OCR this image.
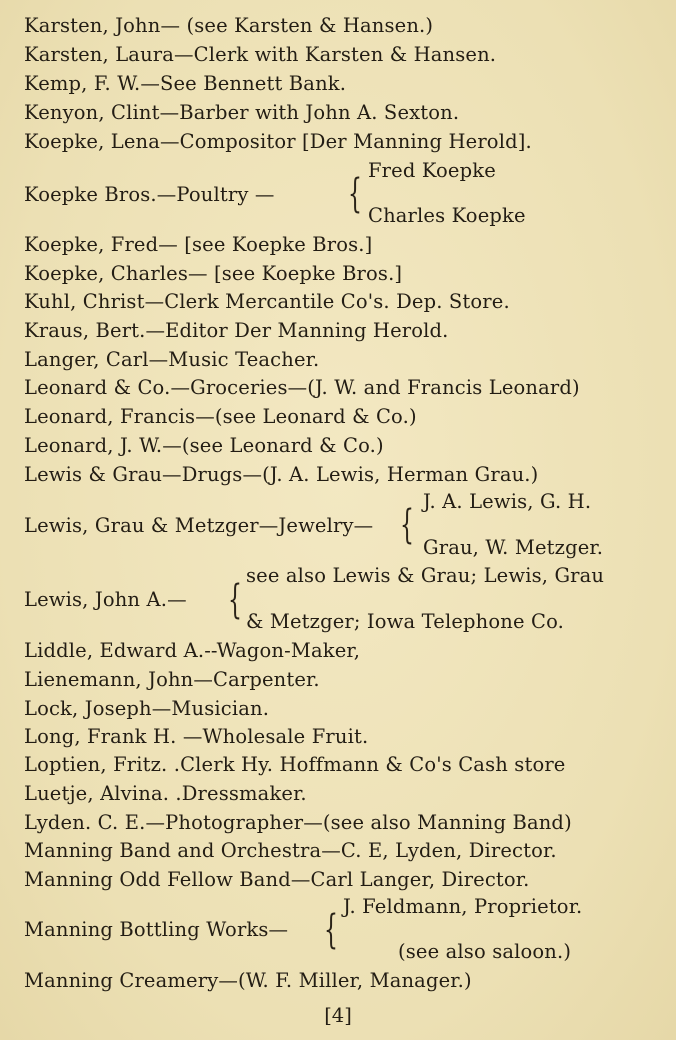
Karsten, John— (see Karsten & Hansen.)
Karsten, Laura—Clerk with Karsten & Hansen.
Kemp, F. W.—See Bennett Bank.
Kenyon, Clint—Barber with John A. Sexton.
Koepke, Lena—Compositor [Der Manning Herold].
Koepke Bros.—Poultry — {
Fred Koepke
Charles Koepke
Koepke, Fred— [see Koepke Bros.]
Koepke, Charles— [see Koepke Bros.]
Kuhl, Christ—Clerk Mercantile Co's. Dep. Store.
Kraus, Bert.—Editor Der Manning Herold.
Langer, Carl—Music Teacher.
Leonard & Co.—Groceries—(J. W. and Francis Leonard)
Leonard, Francis—(see Leonard & Co.)
Leonard, J. W.—(see Leonard & Co.)
Lewis & Grau—Drugs—(J. A. Lewis, Herman Grau.)
Lewis, Grau & Metzger—Jewelry— {
J. A. Lewis, G. H.
Grau, W. Metzger.
Lewis, John A.— {
see also Lewis & Grau; Lewis, Grau
& Metzger; Iowa Telephone Co.
Liddle, Edward A.--Wagon-Maker,
Lienemann, John—Carpenter.
Lock, Joseph—Musician.
Long, Frank H. —Wholesale Fruit.
Loptien, Fritz. .Clerk Hy. Hoffmann & Co's Cash store
Luetje, Alvina. .Dressmaker.
Lyden. C. E.—Photographer—(see also Manning Band)
Manning Band and Orchestra—C. E, Lyden, Director.
Manning Odd Fellow Band—Carl Langer, Director.
Manning Bottling Works— {
J. Feldmann, Proprietor.
(see also saloon.)
Manning Creamery—(W. F. Miller, Manager.)
[4]
